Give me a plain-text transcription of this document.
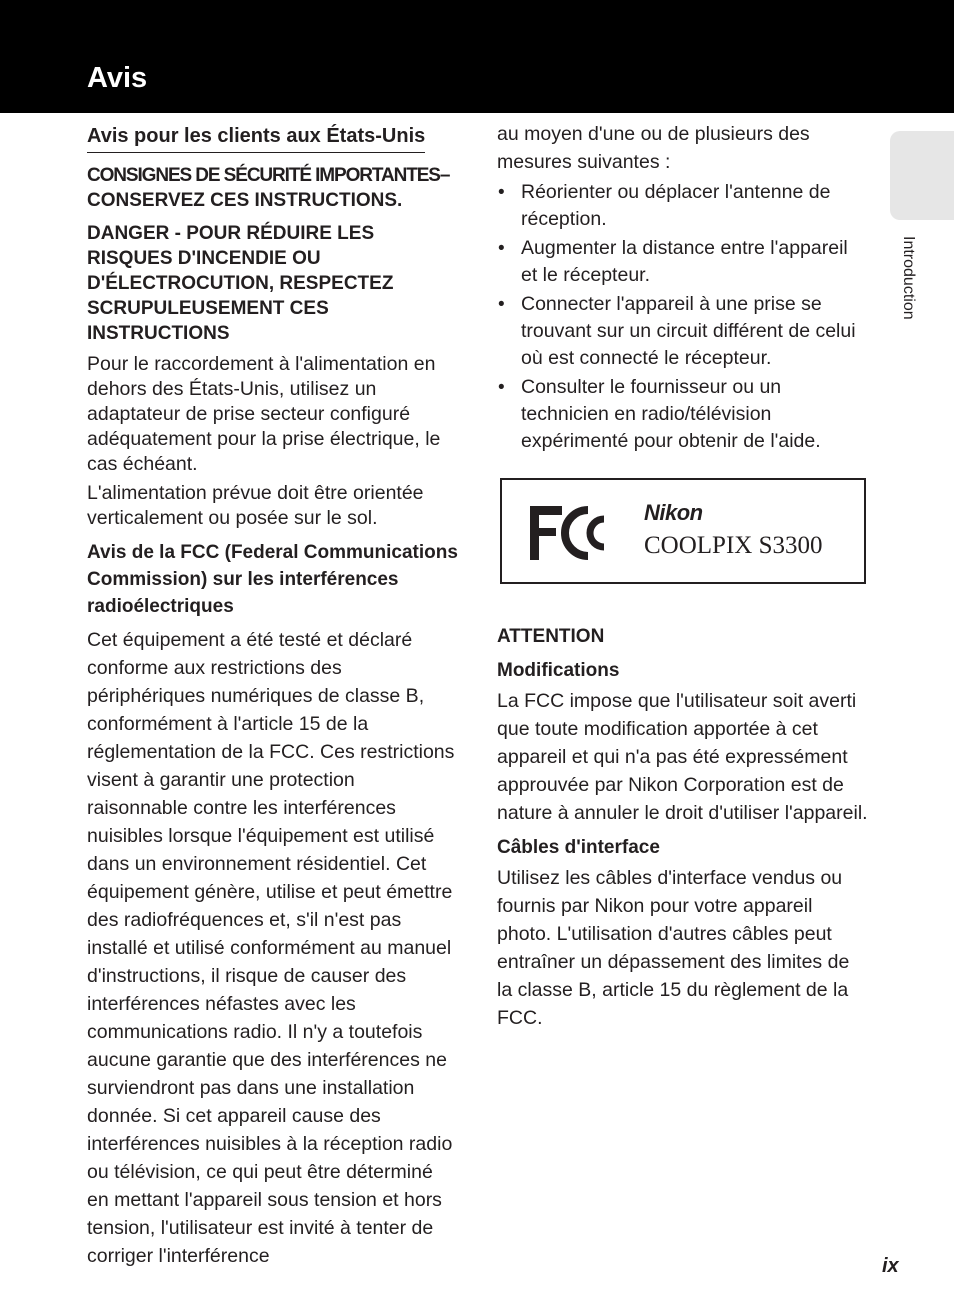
Avis
Introduction
Avis pour les clients aux États-Unis

CONSIGNES DE SÉCURITÉ IMPORTANTES–

CONSERVEZ CES INSTRUCTIONS.

DANGER - POUR RÉDUIRE LES RISQUES D'INCENDIE OU D'ÉLECTROCUTION, RESPECTEZ SCRUPULEUSEMENT CES INSTRUCTIONS

Pour le raccordement à l'alimentation en dehors des États-Unis, utilisez un adaptateur de prise secteur configuré adéquatement pour la prise électrique, le cas échéant.

L'alimentation prévue doit être orientée verticalement ou posée sur le sol.

Avis de la FCC (Federal Communications Commission) sur les interférences radioélectriques

Cet équipement a été testé et déclaré conforme aux restrictions des périphériques numériques de classe B, conformément à l'article 15 de la réglementation de la FCC. Ces restrictions visent à garantir une protection raisonnable contre les interférences nuisibles lorsque l'équipement est utilisé dans un environnement résidentiel. Cet équipement génère, utilise et peut émettre des radiofréquences et, s'il n'est pas installé et utilisé conformément au manuel d'instructions, il risque de causer des interférences néfastes avec les communications radio. Il n'y a toutefois aucune garantie que des interférences ne surviendront pas dans une installation donnée. Si cet appareil cause des interférences nuisibles à la réception radio ou télévision, ce qui peut être déterminé en mettant l'appareil sous tension et hors tension, l'utilisateur est invité à tenter de corriger l'interférence

au moyen d'une ou de plusieurs des mesures suivantes :

• Réorienter ou déplacer l'antenne de réception.
• Augmenter la distance entre l'appareil et le récepteur.
• Connecter l'appareil à une prise se trouvant sur un circuit différent de celui où est connecté le récepteur.
• Consulter le fournisseur ou un technicien en radio/télévision expérimenté pour obtenir de l'aide.
Nikon
COOLPIX S3300

ATTENTION

Modifications

La FCC impose que l'utilisateur soit averti que toute modification apportée à cet appareil et qui n'a pas été expressément approuvée par Nikon Corporation est de nature à annuler le droit d'utiliser l'appareil.

Câbles d'interface

Utilisez les câbles d'interface vendus ou fournis par Nikon pour votre appareil photo. L'utilisation d'autres câbles peut entraîner un dépassement des limites de la classe B, article 15 du règlement de la FCC.

ix
